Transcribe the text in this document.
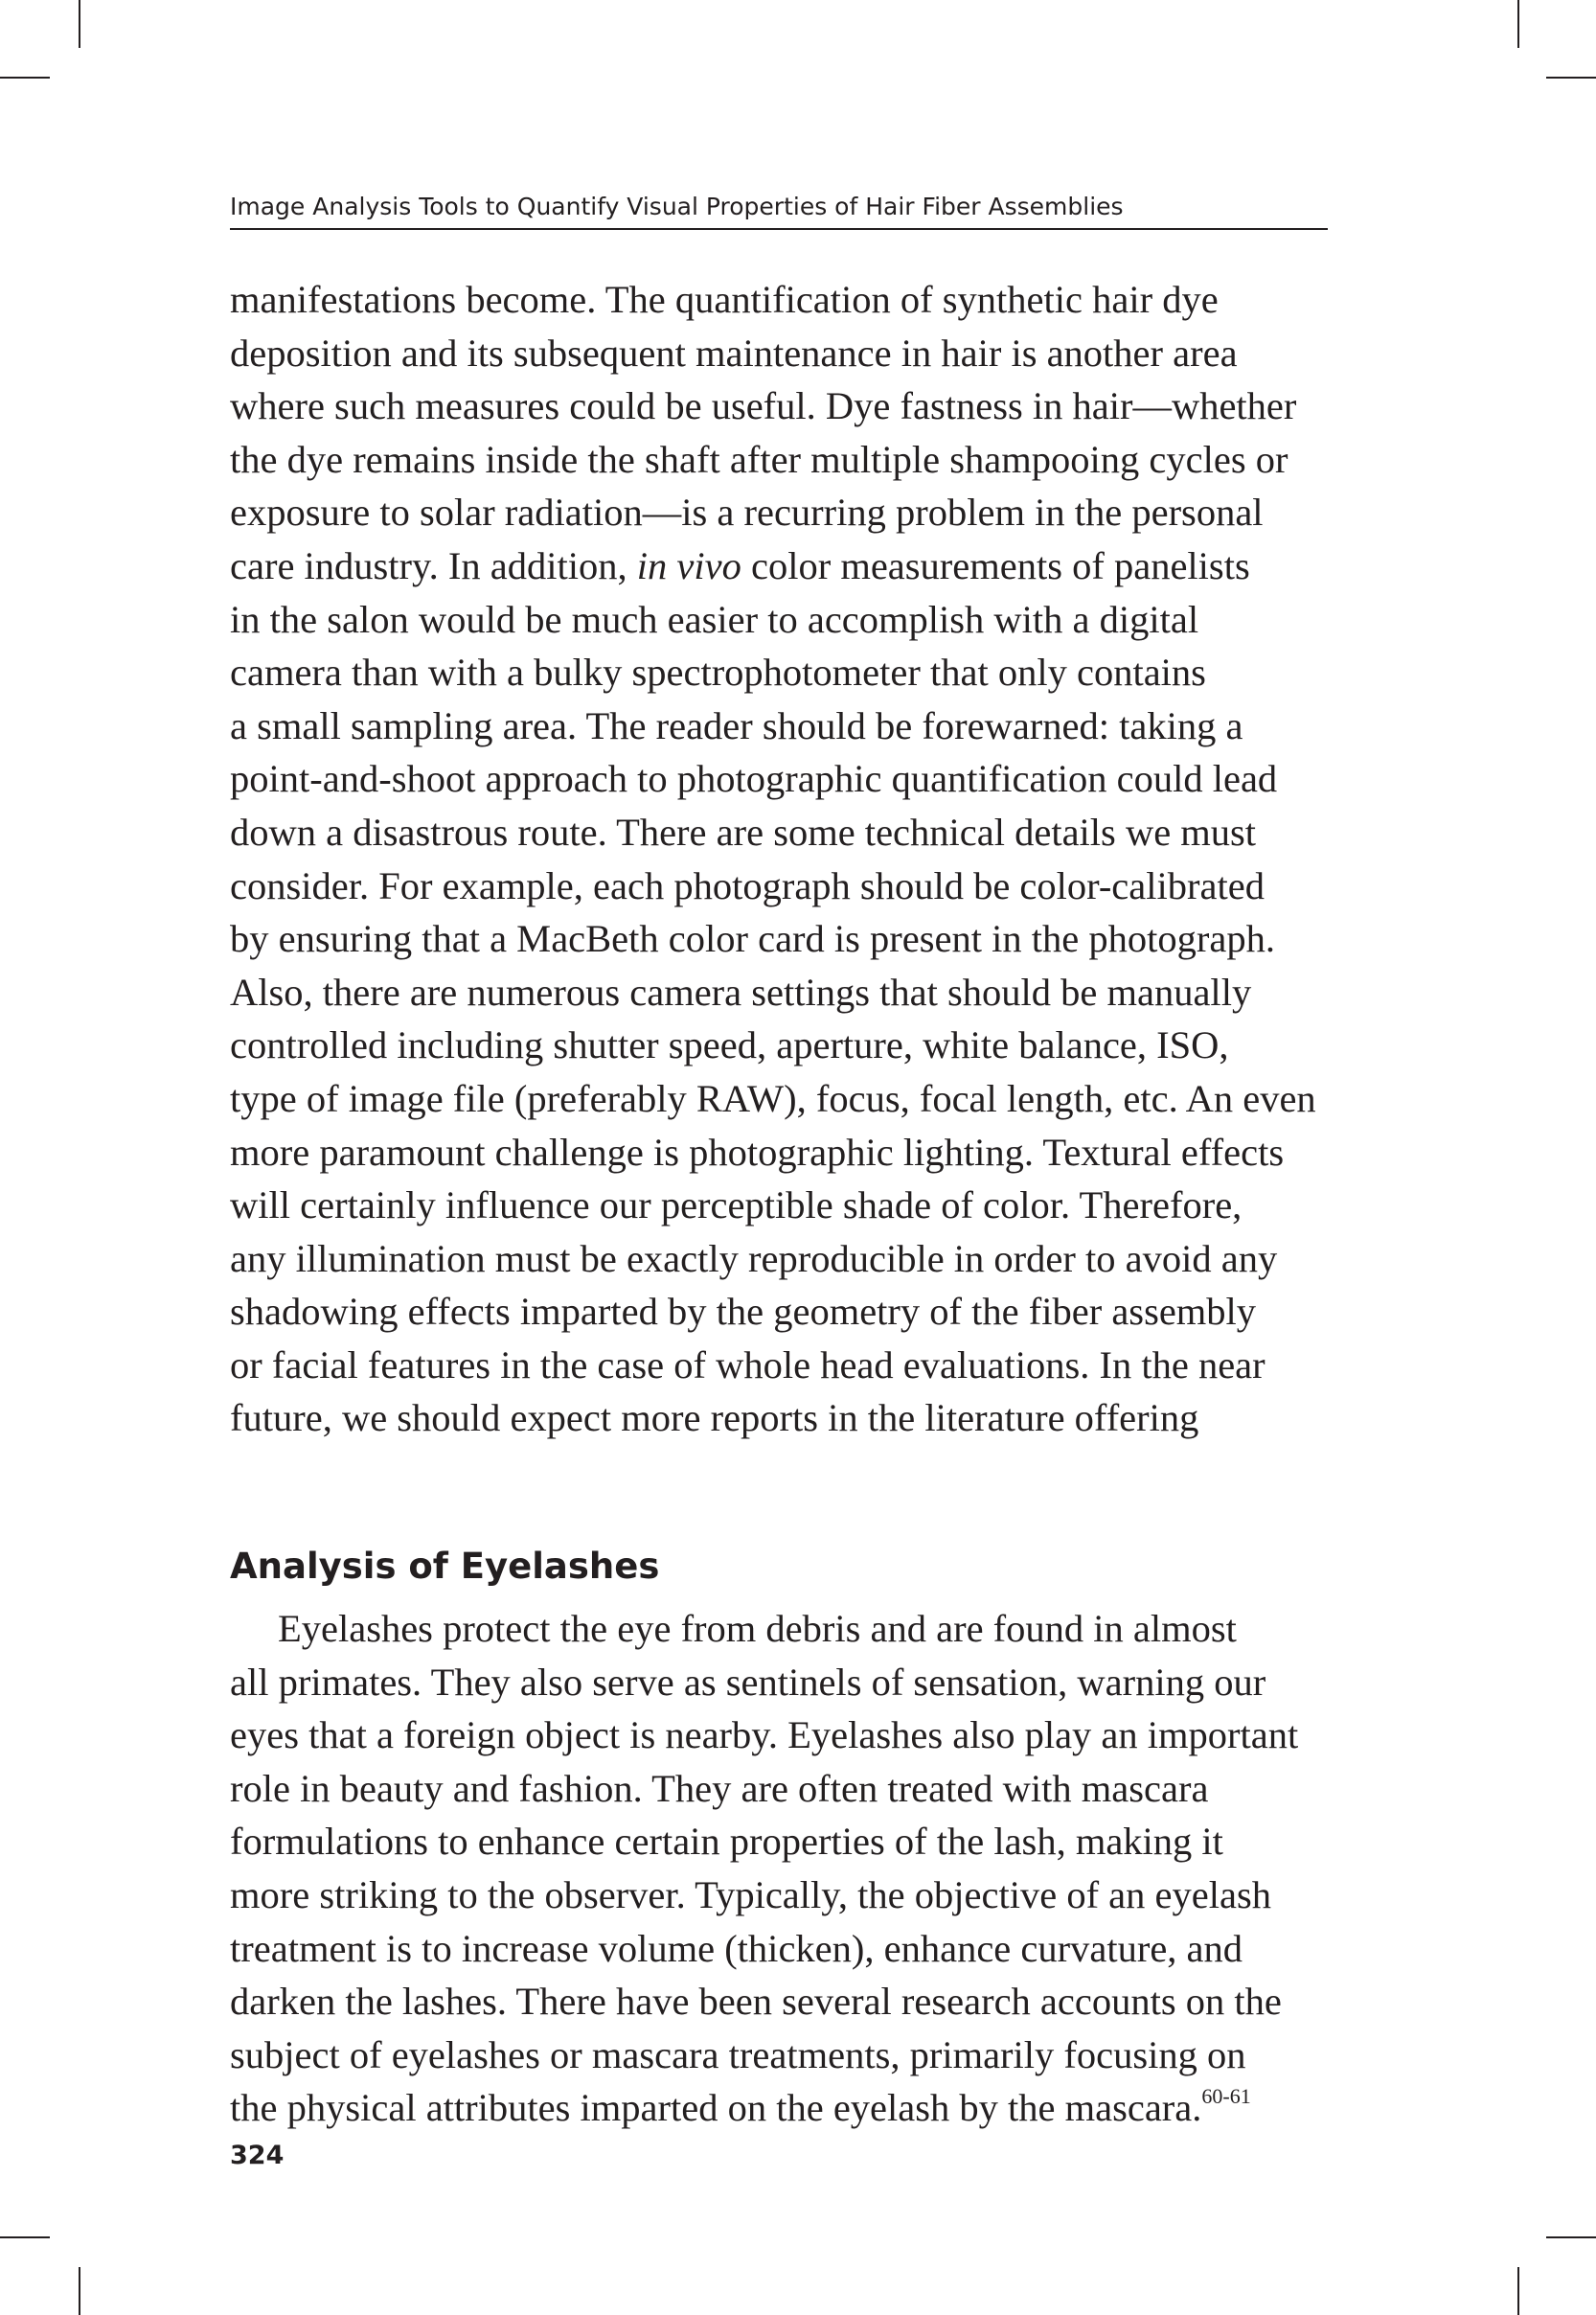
Image Analysis Tools to Quantify Visual Properties of Hair Fiber Assemblies
manifestations become. The quantification of synthetic hair dye
deposition and its subsequent maintenance in hair is another area
where such measures could be useful. Dye fastness in hair—whether
the dye remains inside the shaft after multiple shampooing cycles or
exposure to solar radiation—is a recurring problem in the personal
care industry. In addition, in vivo color measurements of panelists
in the salon would be much easier to accomplish with a digital
camera than with a bulky spectrophotometer that only contains
a small sampling area. The reader should be forewarned: taking a
point-and-shoot approach to photographic quantification could lead
down a disastrous route. There are some technical details we must
consider. For example, each photograph should be color-calibrated
by ensuring that a MacBeth color card is present in the photograph.
Also, there are numerous camera settings that should be manually
controlled including shutter speed, aperture, white balance, ISO,
type of image file (preferably RAW), focus, focal length, etc. An even
more paramount challenge is photographic lighting. Textural effects
will certainly influence our perceptible shade of color. Therefore,
any illumination must be exactly reproducible in order to avoid any
shadowing effects imparted by the geometry of the fiber assembly
or facial features in the case of whole head evaluations. In the near
future, we should expect more reports in the literature offering
Analysis of Eyelashes
Eyelashes protect the eye from debris and are found in almost
all primates. They also serve as sentinels of sensation, warning our
eyes that a foreign object is nearby. Eyelashes also play an important
role in beauty and fashion. They are often treated with mascara
formulations to enhance certain properties of the lash, making it
more striking to the observer. Typically, the objective of an eyelash
treatment is to increase volume (thicken), enhance curvature, and
darken the lashes. There have been several research accounts on the
subject of eyelashes or mascara treatments, primarily focusing on
the physical attributes imparted on the eyelash by the mascara.$^{60-61}$
324
